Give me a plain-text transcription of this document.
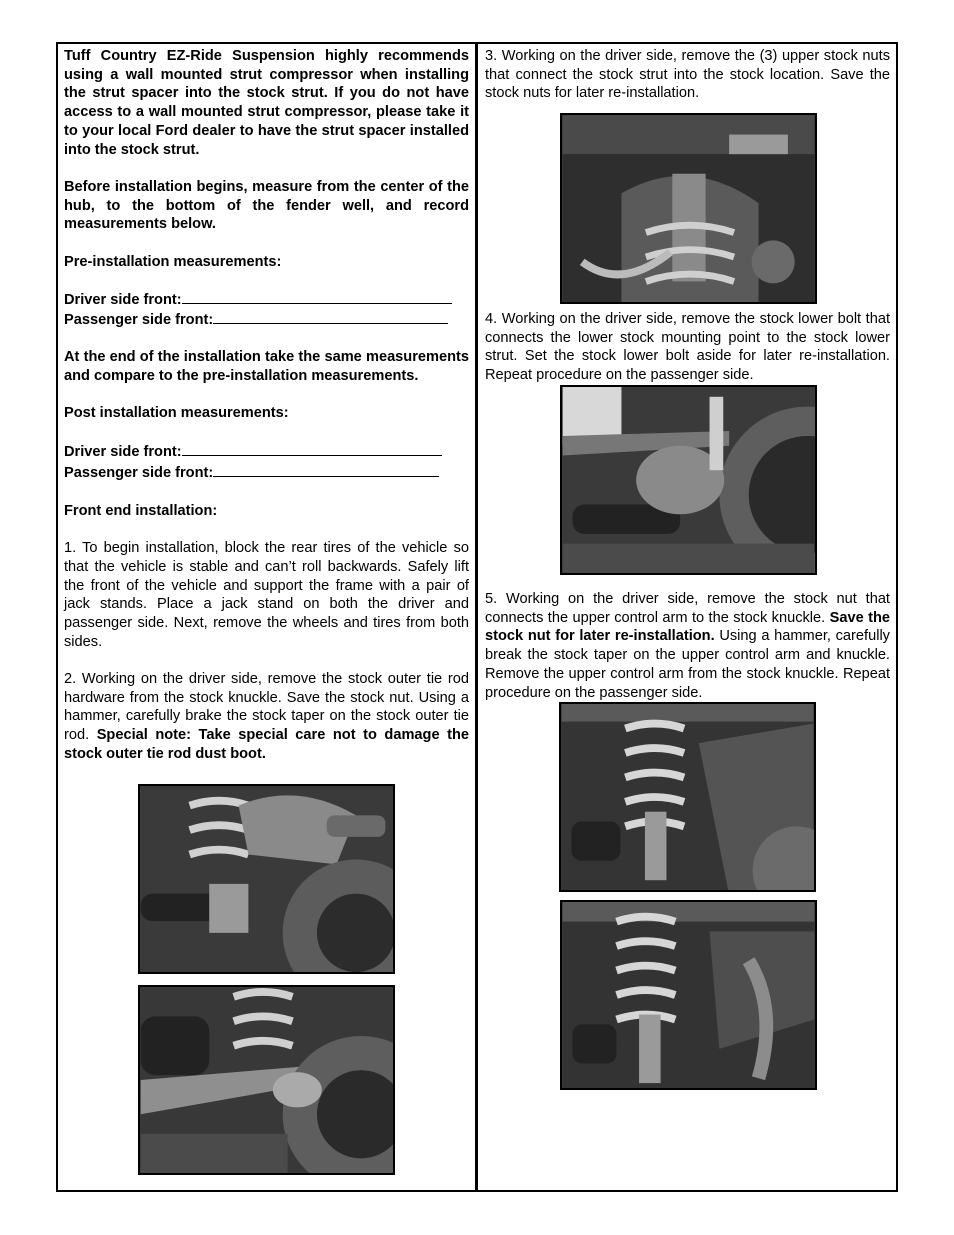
Tuff Country EZ-Ride Suspension highly recommends using a wall mounted strut compressor when installing the strut spacer into the stock strut. If you do not have access to a wall mounted strut compressor, please take it to your local Ford dealer to have the strut spacer installed into the stock strut.

Before installation begins, measure from the center of the hub, to the bottom of the fender well, and record measurements below.

Pre-installation measurements:

Driver side front:

Passenger side front:

At the end of the installation take the same measurements and compare to the pre-installation measurements.

Post installation measurements:

Driver side front:

Passenger side front:

Front end installation:

1. To begin installation, block the rear tires of the vehicle so that the vehicle is stable and can’t roll backwards. Safely lift the front of the vehicle and support the frame with a pair of jack stands. Place a jack stand on both the driver and passenger side. Next, remove the wheels and tires from both sides.

2. Working on the driver side, remove the stock outer tie rod hardware from the stock knuckle. Save the stock nut. Using a hammer, carefully brake the stock taper on the stock outer tie rod. Special note: Take special care not to damage the stock outer tie rod dust boot.

3. Working on the driver side, remove the (3) upper stock nuts that connect the stock strut into the stock location. Save the stock nuts for later re-installation.

4. Working on the driver side, remove the stock lower bolt that connects the lower stock mounting point to the stock lower strut. Set the stock lower bolt aside for later re-installation. Repeat procedure on the passenger side.

5. Working on the driver side, remove the stock nut that connects the upper control arm to the stock knuckle. Save the stock nut for later re-installation. Using a hammer, carefully break the stock taper on the upper control arm and knuckle. Remove the upper control arm from the stock knuckle. Repeat procedure on the passenger side.
